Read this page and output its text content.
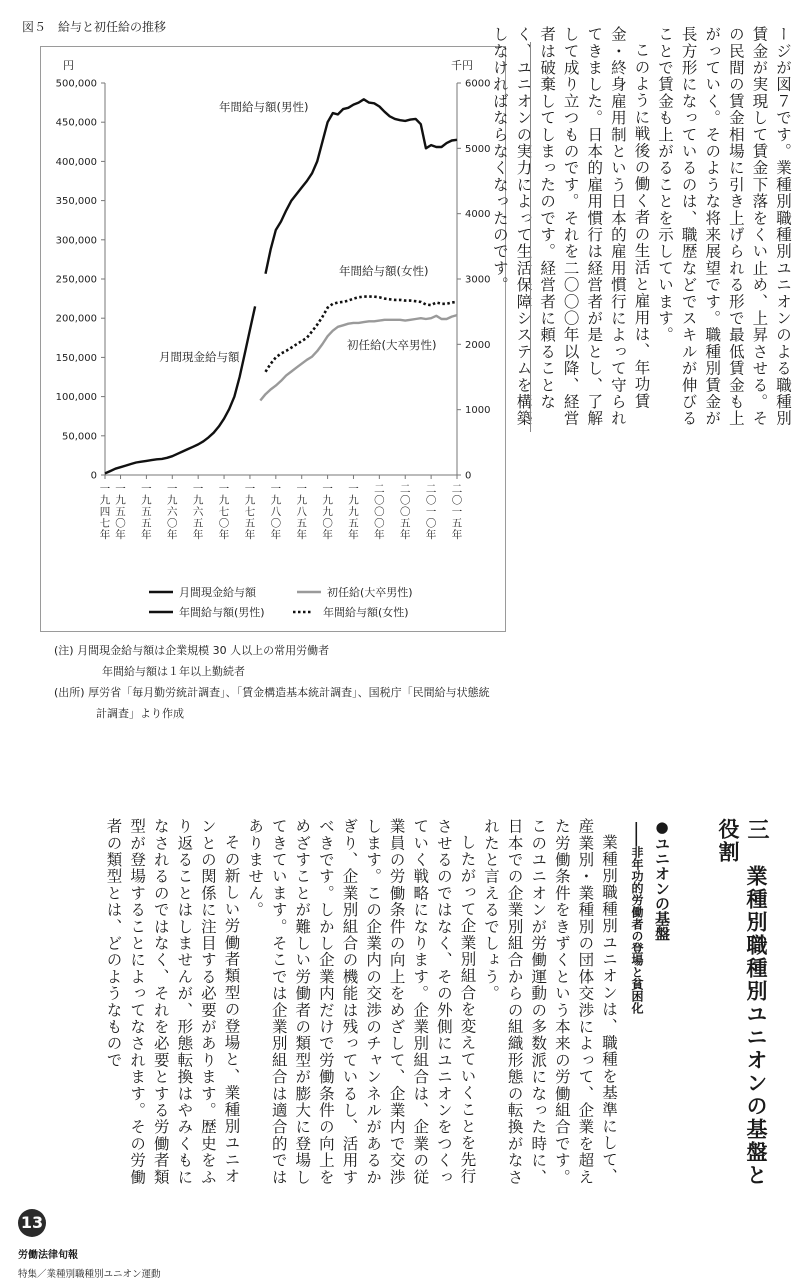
図５　給与と初任給の推移
円	千円
0
50,000
100,000
150,000
200,000
250,000
300,000
350,000
400,000
450,000
500,000
0
1000
2000
3000
4000
5000
6000
一
九
四
七
年
一
九
五
〇
年
一
九
五
五
年
一
九
六
〇
年
一
九
六
五
年
一
九
七
〇
年
一
九
七
五
年
一
九
八
〇
年
一
九
八
五
年
一
九
九
〇
年
一
九
九
五
年
二
〇
〇
〇
年
二
〇
〇
五
年
二
〇
一
〇
年
二
〇
一
五
年
年間給与額(男性)
年間給与額(女性)
月間現金給与額
初任給(大卒男性)
月間現金給与額	初任給(大卒男性)
年間給与額(男性)	年間給与額(女性)
(注) 月間現金給与額は企業規模 30 人以上の常用労働者
年間給与額は１年以上勤続者
(出所) 厚労省「毎月勤労統計調査」、「賃金構造基本統計調査」、国税庁「民間給与状態統
計調査」より作成

ージが図７です。業種別職種別ユニオンのよる職種別賃金が実現して賃金下落をくい止め、上昇させる。その民間の賃金相場に引き上げられる形で最低賃金も上がっていく。そのような将来展望です。職種別賃金が長方形になっているのは、職歴などでスキルが伸びることで賃金も上がることを示しています。

このように戦後の働く者の生活と雇用は、年功賃金・終身雇用制という日本的雇用慣行によって守られてきました。日本的雇用慣行は経営者が是とし、了解して成り立つものです。それを二〇〇〇年以降、経営者は破棄してしまったのです。経営者に頼ることなく、ユニオンの実力によって生活保障システムを構築しなければならなくなったのです。

三　業種別職種別ユニオンの基盤と役割
●ユニオンの基盤
――非年功的労働者の登場と貧困化

業種別職種別ユニオンは、職種を基準にして、産業別・業種別の団体交渉によって、企業を超えた労働条件をきずくという本来の労働組合です。このユニオンが労働運動の多数派になった時に、日本での企業別組合からの組織形態の転換がなされたと言えるでしょう。

したがって企業別組合を変えていくことを先行させるのではなく、その外側にユニオンをつくっていく戦略になります。企業別組合は、企業の従業員の労働条件の向上をめざして、企業内で交渉します。この企業内の交渉のチャンネルがあるかぎり、企業別組合の機能は残っているし、活用すべきです。しかし企業内だけで労働条件の向上をめざすことが難しい労働者の類型が膨大に登場してきています。そこでは企業別組合は適合的ではありません。

その新しい労働者類型の登場と、業種別ユニオンとの関係に注目する必要があります。歴史をふり返ることはしませんが、形態転換はやみくもになされるのではなく、それを必要とする労働者類型が登場することによってなされます。その労働者の類型とは、どのようなもので

13
労働法律旬報
特集／業種別職種別ユニオン運動
